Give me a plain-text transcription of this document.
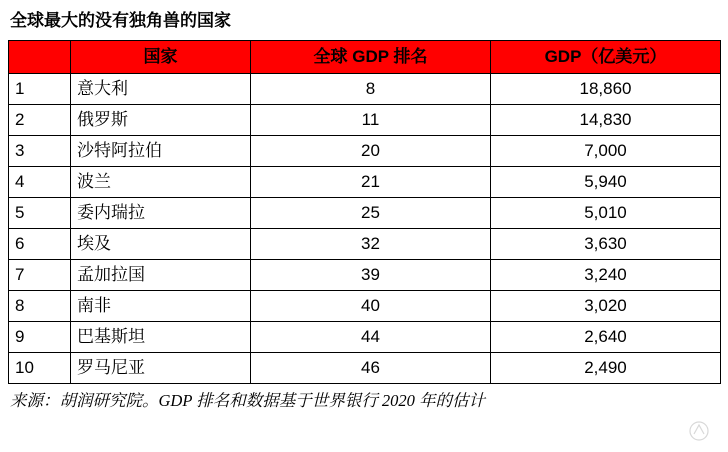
全球最大的没有独角兽的国家
	国家	全球 GDP 排名	GDP（亿美元）
1	意大利	8	18,860
2	俄罗斯	11	14,830
3	沙特阿拉伯	20	7,000
4	波兰	21	5,940
5	委内瑞拉	25	5,010
6	埃及	32	3,630
7	孟加拉国	39	3,240
8	南非	40	3,020
9	巴基斯坦	44	2,640
10	罗马尼亚	46	2,490
来源：胡润研究院。GDP 排名和数据基于世界银行 2020 年的估计
